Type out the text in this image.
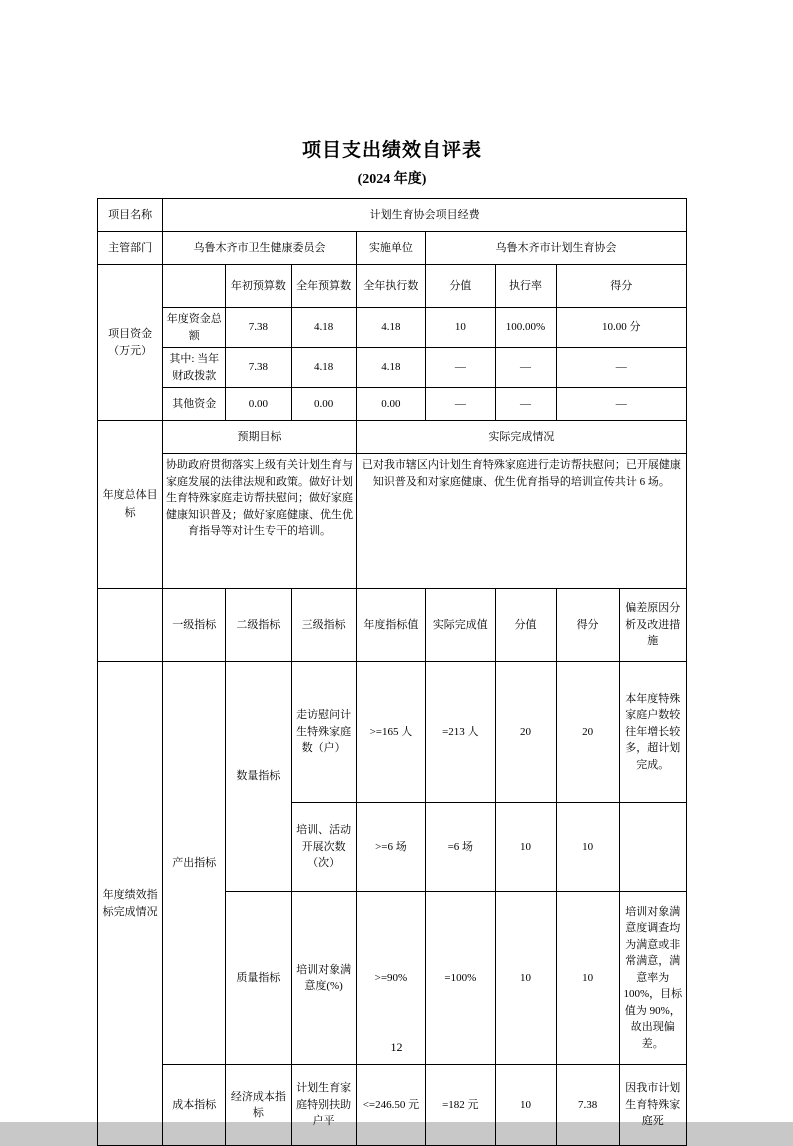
项目支出绩效自评表
(2024 年度)
项目名称	计划生育协会项目经费							
主管部门	乌鲁木齐市卫生健康委员会			实施单位	乌鲁木齐市计划生育协会			

项目资金
（万元）		年初预算数	全年预算数	全年执行数	分值	执行率	得分	
	年度资金总额	7.38	4.18	4.18	10	100.00%	10.00 分	
	其中: 当年财政拨款	7.38	4.18	4.18	—	—	—	
	其他资金	0.00	0.00	0.00	—	—	—	
年度总体目标	预期目标			实际完成情况				
	协助政府贯彻落实上级有关计划生育与家庭发展的法律法规和政策。做好计划生育特殊家庭走访帮扶慰问；做好家庭健康知识普及；做好家庭健康、优生优育指导等对计生专干的培训。			已对我市辖区内计划生育特殊家庭进行走访帮扶慰问；已开展健康知识普及和对家庭健康、优生优育指导的培训宣传共计 6 场。				
	一级指标	二级指标	三级指标	年度指标值	实际完成值	分值	得分	偏差原因分析及改进措施
年度绩效指标完成情况	产出指标	数量指标	走访慰问计生特殊家庭数（户）	>=165 人	=213 人	20	20	本年度特殊家庭户数较往年增长较多，超计划完成。
			培训、活动开展次数（次）	>=6 场	=6 场	10	10	
		质量指标	培训对象满意度(%)	>=90%	=100%	10	10	培训对象满意度调查均为满意或非常满意，满意率为 100%，目标值为 90%，故出现偏差。
	成本指标	经济成本指标	计划生育家庭特别扶助户平	<=246.50 元	=182 元	10	7.38	因我市计划生育特殊家庭死
12
